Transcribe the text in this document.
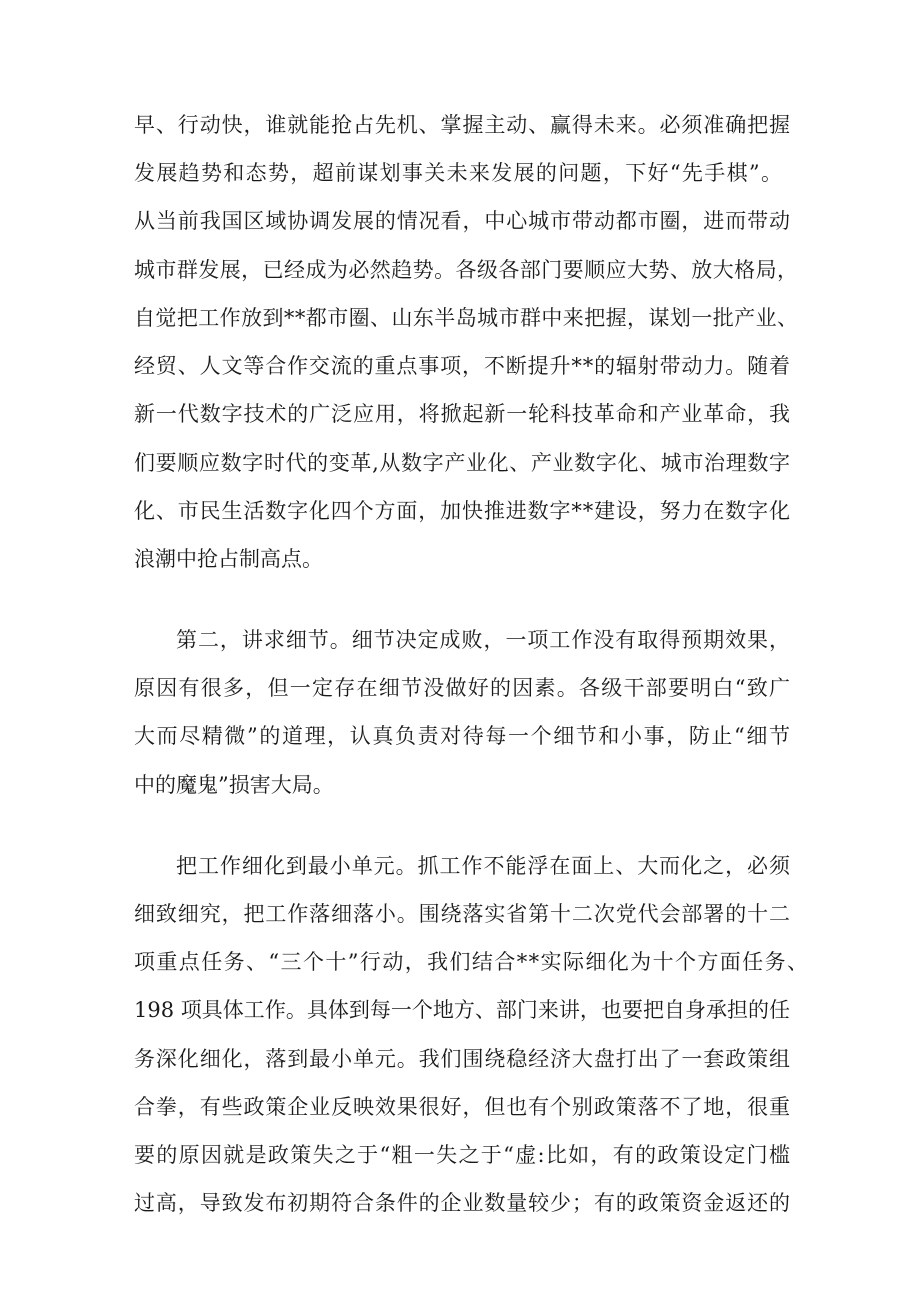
早、行动快，谁就能抢占先机、掌握主动、赢得未来。必须准确把握
发展趋势和态势，超前谋划事关未来发展的问题，下好“先手棋”。
从当前我国区域协调发展的情况看，中心城市带动都市圈，进而带动
城市群发展，已经成为必然趋势。各级各部门要顺应大势、放大格局，
自觉把工作放到**都市圈、山东半岛城市群中来把握，谋划一批产业、
经贸、人文等合作交流的重点事项，不断提升**的辐射带动力。随着
新一代数字技术的广泛应用，将掀起新一轮科技革命和产业革命，我
们要顺应数字时代的变革,从数字产业化、产业数字化、城市治理数字
化、市民生活数字化四个方面，加快推进数字**建设，努力在数字化
浪潮中抢占制高点。
第二，讲求细节。细节决定成败，一项工作没有取得预期效果，
原因有很多，但一定存在细节没做好的因素。各级干部要明白“致广
大而尽精微”的道理，认真负责对待每一个细节和小事，防止“细节
中的魔鬼”损害大局。
把工作细化到最小单元。抓工作不能浮在面上、大而化之，必须
细致细究，把工作落细落小。围绕落实省第十二次党代会部署的十二
项重点任务、“三个十”行动，我们结合**实际细化为十个方面任务、
198 项具体工作。具体到每一个地方、部门来讲，也要把自身承担的任
务深化细化，落到最小单元。我们围绕稳经济大盘打出了一套政策组
合拳，有些政策企业反映效果很好，但也有个别政策落不了地，很重
要的原因就是政策失之于“粗一失之于“虚:比如，有的政策设定门槛
过高，导致发布初期符合条件的企业数量较少；有的政策资金返还的
